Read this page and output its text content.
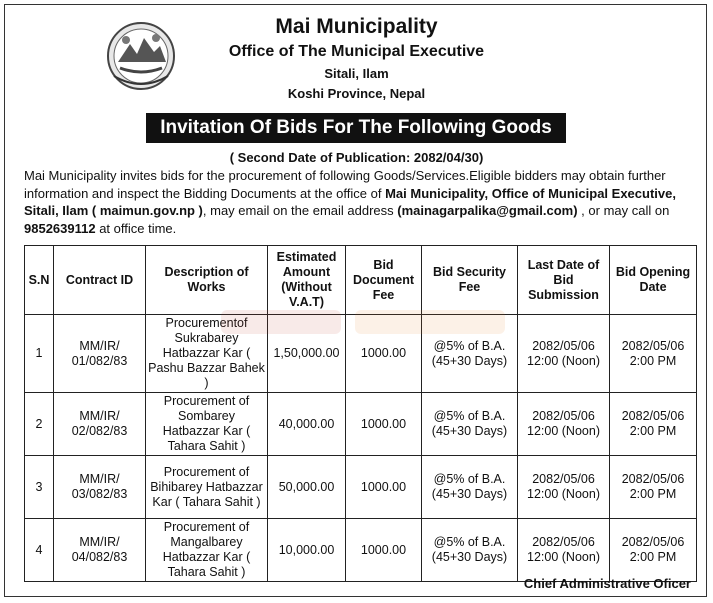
Mai Municipality
Office of The Municipal Executive
Sitali, Ilam
Koshi Province, Nepal
Invitation Of Bids For The Following Goods
( Second Date of Publication: 2082/04/30)
Mai Municipality invites bids for the procurement of following Goods/Services.Eligible bidders may obtain further information and inspect the Bidding Documents at the office of Mai Municipality, Office of Municipal Executive, Sitali, Ilam ( maimun.gov.np ), may email on the email address (mainagarpalika@gmail.com) , or may call on 9852639112 at office time.
S.N	Contract ID	Description of Works	Estimated Amount (Without V.A.T)	Bid Document Fee	Bid Security Fee	Last Date of Bid Submission	Bid Opening Date
1	MM/IR/ 01/082/83	Procurementof Sukrabarey Hatbazzar Kar ( Pashu Bazzar Bahek )	1,50,000.00	1000.00	@5% of B.A. (45+30 Days)	2082/05/06 12:00 (Noon)	2082/05/06 2:00 PM
2	MM/IR/ 02/082/83	Procurement of Sombarey Hatbazzar Kar ( Tahara Sahit )	40,000.00	1000.00	@5% of B.A. (45+30 Days)	2082/05/06 12:00 (Noon)	2082/05/06 2:00 PM
3	MM/IR/ 03/082/83	Procurement of Bihibarey Hatbazzar Kar ( Tahara Sahit )	50,000.00	1000.00	@5% of B.A. (45+30 Days)	2082/05/06 12:00 (Noon)	2082/05/06 2:00 PM
4	MM/IR/ 04/082/83	Procurement of Mangalbarey Hatbazzar Kar ( Tahara Sahit )	10,000.00	1000.00	@5% of B.A. (45+30 Days)	2082/05/06 12:00 (Noon)	2082/05/06 2:00 PM
Chief Administrative Oficer
